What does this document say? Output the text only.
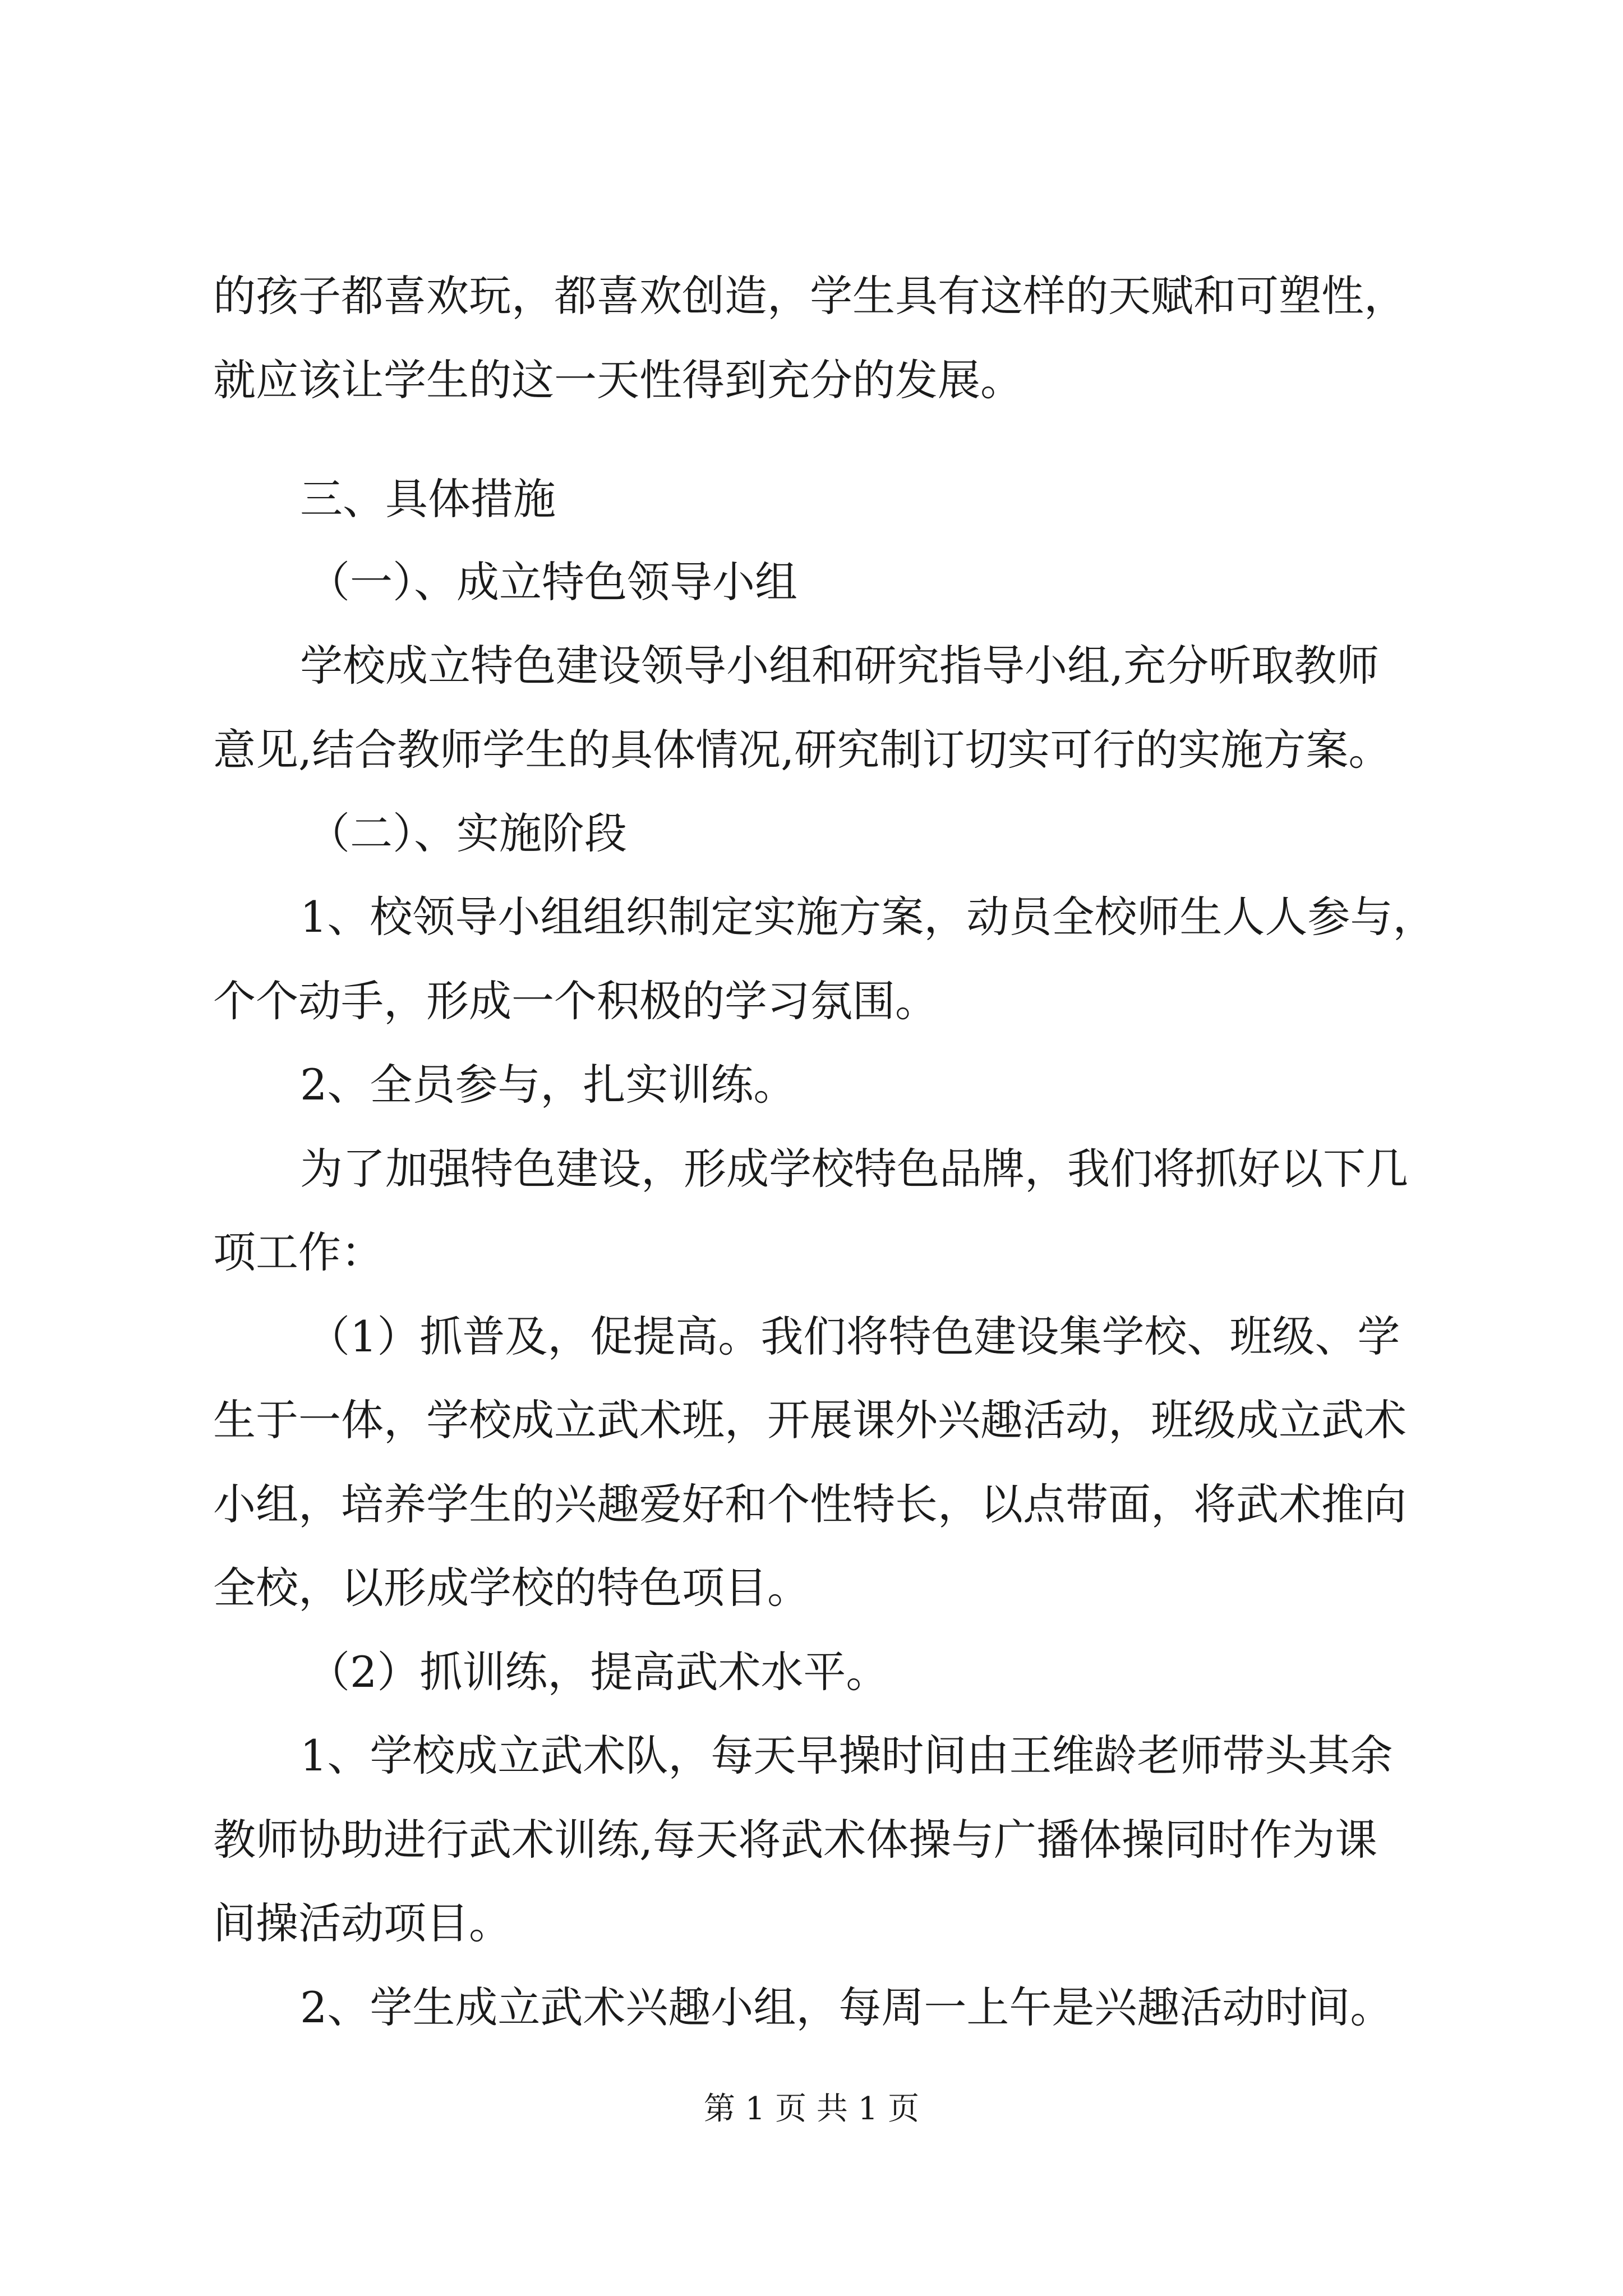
的孩子都喜欢玩，都喜欢创造，学生具有这样的天赋和可塑性，
就应该让学生的这一天性得到充分的发展。
三、具体措施
（一）、成立特色领导小组
学校成立特色建设领导小组和研究指导小组,充分听取教师
意见,结合教师学生的具体情况,研究制订切实可行的实施方案。
（二）、实施阶段
1、校领导小组组织制定实施方案，动员全校师生人人参与，
个个动手，形成一个积极的学习氛围。
2、全员参与，扎实训练。
为了加强特色建设，形成学校特色品牌，我们将抓好以下几
项工作：
（1）抓普及，促提高。我们将特色建设集学校、班级、学
生于一体，学校成立武术班，开展课外兴趣活动，班级成立武术
小组，培养学生的兴趣爱好和个性特长，以点带面，将武术推向
全校，以形成学校的特色项目。
（2）抓训练，提高武术水平。
1、学校成立武术队，每天早操时间由王维龄老师带头其余
教师协助进行武术训练,每天将武术体操与广播体操同时作为课
间操活动项目。
2、学生成立武术兴趣小组，每周一上午是兴趣活动时间。
第 1 页 共 1 页
